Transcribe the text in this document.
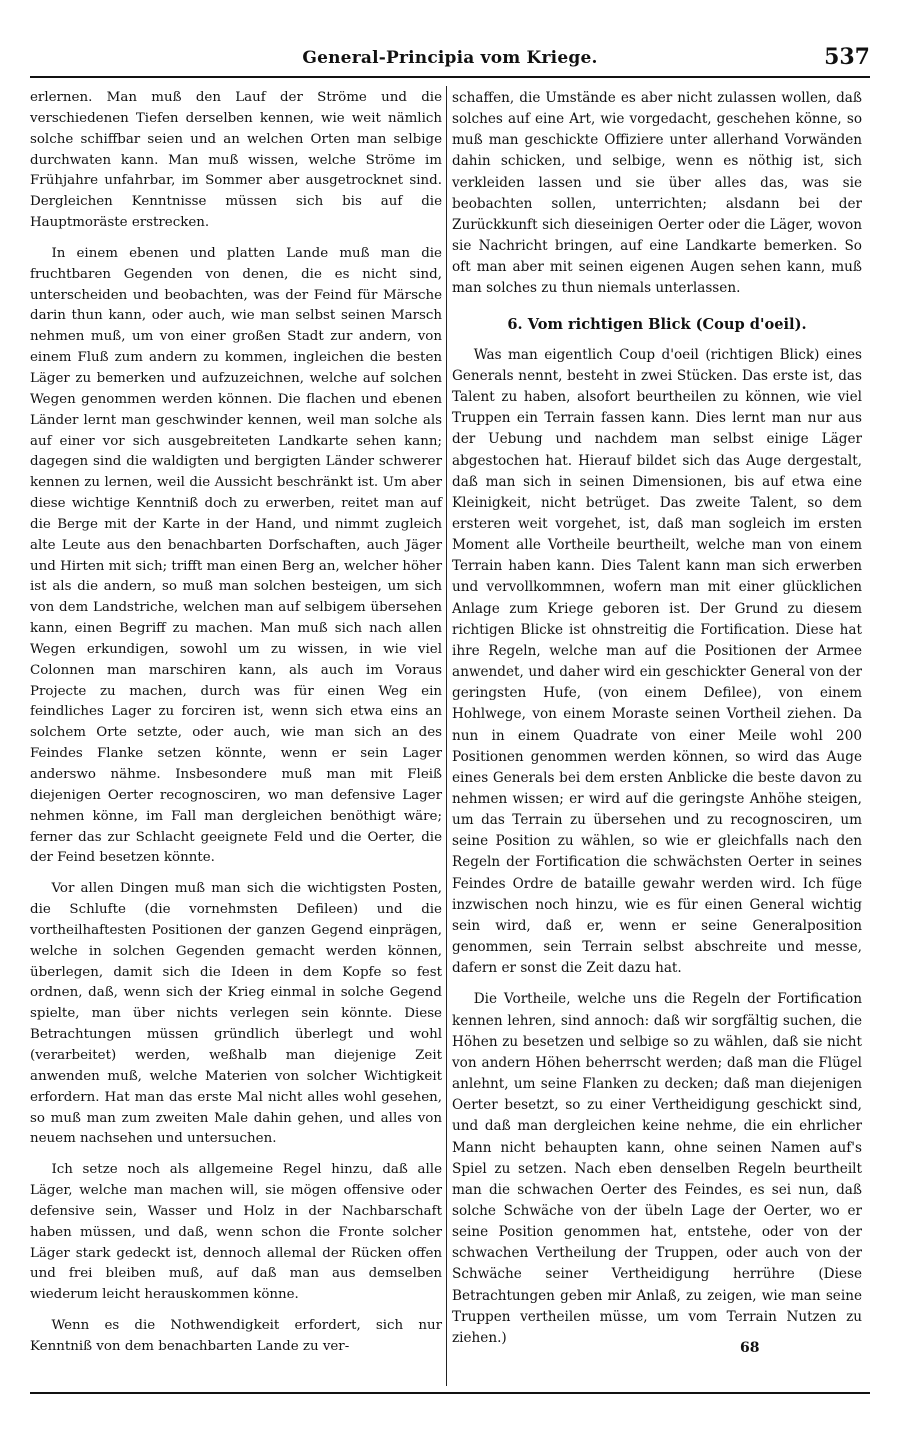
General-Principia vom Kriege.	537

erlernen. Man muß den Lauf der Ströme und die verschiedenen Tiefen derselben kennen, wie weit nämlich solche schiffbar seien und an welchen Orten man selbige durchwaten kann. Man muß wissen, welche Ströme im Frühjahre unfahrbar, im Sommer aber ausgetrocknet sind. Dergleichen Kenntnisse müssen sich bis auf die Hauptmoräste erstrecken.

In einem ebenen und platten Lande muß man die fruchtbaren Gegenden von denen, die es nicht sind, unterscheiden und beobachten, was der Feind für Märsche darin thun kann, oder auch, wie man selbst seinen Marsch nehmen muß, um von einer großen Stadt zur andern, von einem Fluß zum andern zu kommen, ingleichen die besten Läger zu bemerken und aufzuzeichnen, welche auf solchen Wegen genommen werden können. Die flachen und ebenen Länder lernt man geschwinder kennen, weil man solche als auf einer vor sich ausgebreiteten Landkarte sehen kann; dagegen sind die waldigten und bergigten Länder schwerer kennen zu lernen, weil die Aussicht beschränkt ist. Um aber diese wichtige Kenntniß doch zu erwerben, reitet man auf die Berge mit der Karte in der Hand, und nimmt zugleich alte Leute aus den benachbarten Dorfschaften, auch Jäger und Hirten mit sich; trifft man einen Berg an, welcher höher ist als die andern, so muß man solchen besteigen, um sich von dem Landstriche, welchen man auf selbigem übersehen kann, einen Begriff zu machen. Man muß sich nach allen Wegen erkundigen, sowohl um zu wissen, in wie viel Colonnen man marschiren kann, als auch im Voraus Projecte zu machen, durch was für einen Weg ein feindliches Lager zu forciren ist, wenn sich etwa eins an solchem Orte setzte, oder auch, wie man sich an des Feindes Flanke setzen könnte, wenn er sein Lager anderswo nähme. Insbesondere muß man mit Fleiß diejenigen Oerter recognosciren, wo man defensive Lager nehmen könne, im Fall man dergleichen benöthigt wäre; ferner das zur Schlacht geeignete Feld und die Oerter, die der Feind besetzen könnte.

Vor allen Dingen muß man sich die wichtigsten Posten, die Schlufte (die vornehmsten Defileen) und die vortheilhaftesten Positionen der ganzen Gegend einprägen, welche in solchen Gegenden gemacht werden können, überlegen, damit sich die Ideen in dem Kopfe so fest ordnen, daß, wenn sich der Krieg einmal in solche Gegend spielte, man über nichts verlegen sein könnte. Diese Betrachtungen müssen gründlich überlegt und wohl (verarbeitet) werden, weßhalb man diejenige Zeit anwenden muß, welche Materien von solcher Wichtigkeit erfordern. Hat man das erste Mal nicht alles wohl gesehen, so muß man zum zweiten Male dahin gehen, und alles von neuem nachsehen und untersuchen.

Ich setze noch als allgemeine Regel hinzu, daß alle Läger, welche man machen will, sie mögen offensive oder defensive sein, Wasser und Holz in der Nachbarschaft haben müssen, und daß, wenn schon die Fronte solcher Läger stark gedeckt ist, dennoch allemal der Rücken offen und frei bleiben muß, auf daß man aus demselben wiederum leicht herauskommen könne.

Wenn es die Nothwendigkeit erfordert, sich nur Kenntniß von dem benachbarten Lande zu ver-

schaffen, die Umstände es aber nicht zulassen wollen, daß solches auf eine Art, wie vorgedacht, geschehen könne, so muß man geschickte Offiziere unter allerhand Vorwänden dahin schicken, und selbige, wenn es nöthig ist, sich verkleiden lassen und sie über alles das, was sie beobachten sollen, unterrichten; alsdann bei der Zurückkunft sich dieseinigen Oerter oder die Läger, wovon sie Nachricht bringen, auf eine Landkarte bemerken. So oft man aber mit seinen eigenen Augen sehen kann, muß man solches zu thun niemals unterlassen.

6. Vom richtigen Blick (Coup d'oeil).

Was man eigentlich Coup d'oeil (richtigen Blick) eines Generals nennt, besteht in zwei Stücken. Das erste ist, das Talent zu haben, alsofort beurtheilen zu können, wie viel Truppen ein Terrain fassen kann. Dies lernt man nur aus der Uebung und nachdem man selbst einige Läger abgestochen hat. Hierauf bildet sich das Auge dergestalt, daß man sich in seinen Dimensionen, bis auf etwa eine Kleinigkeit, nicht betrüget. Das zweite Talent, so dem ersteren weit vorgehet, ist, daß man sogleich im ersten Moment alle Vortheile beurtheilt, welche man von einem Terrain haben kann. Dies Talent kann man sich erwerben und vervollkommnen, wofern man mit einer glücklichen Anlage zum Kriege geboren ist. Der Grund zu diesem richtigen Blicke ist ohnstreitig die Fortification. Diese hat ihre Regeln, welche man auf die Positionen der Armee anwendet, und daher wird ein geschickter General von der geringsten Hufe, (von einem Defilee), von einem Hohlwege, von einem Moraste seinen Vortheil ziehen. Da nun in einem Quadrate von einer Meile wohl 200 Positionen genommen werden können, so wird das Auge eines Generals bei dem ersten Anblicke die beste davon zu nehmen wissen; er wird auf die geringste Anhöhe steigen, um das Terrain zu übersehen und zu recognosciren, um seine Position zu wählen, so wie er gleichfalls nach den Regeln der Fortification die schwächsten Oerter in seines Feindes Ordre de bataille gewahr werden wird. Ich füge inzwischen noch hinzu, wie es für einen General wichtig sein wird, daß er, wenn er seine Generalposition genommen, sein Terrain selbst abschreite und messe, dafern er sonst die Zeit dazu hat.

Die Vortheile, welche uns die Regeln der Fortification kennen lehren, sind annoch: daß wir sorgfältig suchen, die Höhen zu besetzen und selbige so zu wählen, daß sie nicht von andern Höhen beherrscht werden; daß man die Flügel anlehnt, um seine Flanken zu decken; daß man diejenigen Oerter besetzt, so zu einer Vertheidigung geschickt sind, und daß man dergleichen keine nehme, die ein ehrlicher Mann nicht behaupten kann, ohne seinen Namen auf's Spiel zu setzen. Nach eben denselben Regeln beurtheilt man die schwachen Oerter des Feindes, es sei nun, daß solche Schwäche von der übeln Lage der Oerter, wo er seine Position genommen hat, entstehe, oder von der schwachen Vertheilung der Truppen, oder auch von der Schwäche seiner Vertheidigung herrühre (Diese Betrachtungen geben mir Anlaß, zu zeigen, wie man seine Truppen vertheilen müsse, um vom Terrain Nutzen zu ziehen.)

68
